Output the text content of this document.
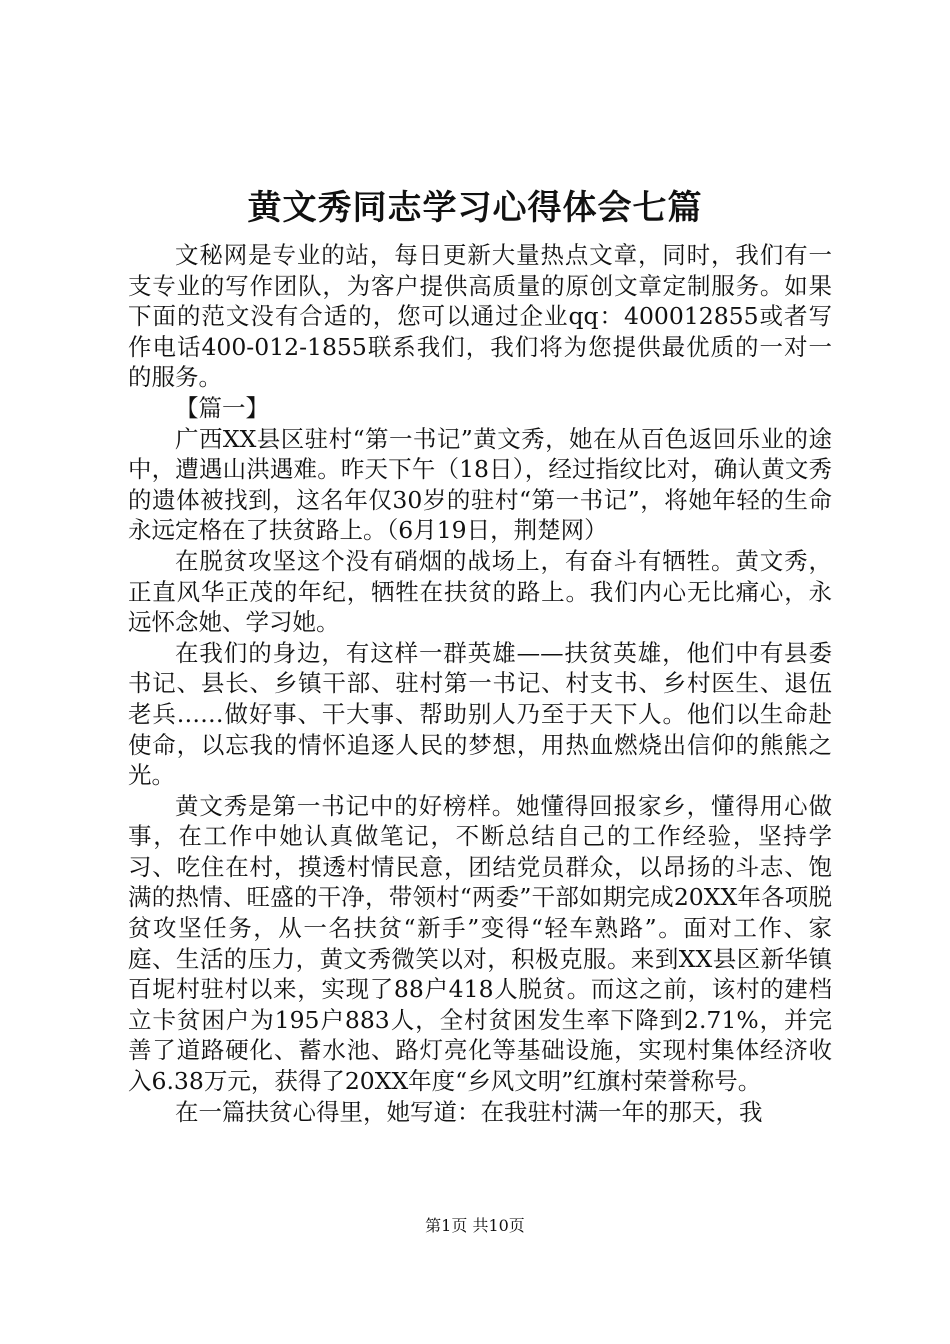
黄文秀同志学习心得体会七篇

文秘网是专业的站，每日更新大量热点文章，同时，我们有一支专业的写作团队，为客户提供高质量的原创文章定制服务。如果下面的范文没有合适的，您可以通过企业qq：400012855或者写作电话400-012-1855联系我们，我们将为您提供最优质的一对一的服务。

【篇一】

广西XX县区驻村“第一书记”黄文秀，她在从百色返回乐业的途中，遭遇山洪遇难。昨天下午（18日），经过指纹比对，确认黄文秀的遗体被找到，这名年仅30岁的驻村“第一书记”，将她年轻的生命永远定格在了扶贫路上。（6月19日，荆楚网）

在脱贫攻坚这个没有硝烟的战场上，有奋斗有牺牲。黄文秀，正直风华正茂的年纪，牺牲在扶贫的路上。我们内心无比痛心，永远怀念她、学习她。

在我们的身边，有这样一群英雄——扶贫英雄，他们中有县委书记、县长、乡镇干部、驻村第一书记、村支书、乡村医生、退伍老兵……做好事、干大事、帮助别人乃至于天下人。他们以生命赴使命，以忘我的情怀追逐人民的梦想，用热血燃烧出信仰的熊熊之光。

黄文秀是第一书记中的好榜样。她懂得回报家乡，懂得用心做事，在工作中她认真做笔记，不断总结自己的工作经验，坚持学习、吃住在村，摸透村情民意，团结党员群众，以昂扬的斗志、饱满的热情、旺盛的干净，带领村“两委”干部如期完成20XX年各项脱贫攻坚任务，从一名扶贫“新手”变得“轻车熟路”。面对工作、家庭、生活的压力，黄文秀微笑以对，积极克服。来到XX县区新华镇百坭村驻村以来，实现了88户418人脱贫。而这之前，该村的建档立卡贫困户为195户883人，全村贫困发生率下降到2.71%，并完善了道路硬化、蓄水池、路灯亮化等基础设施，实现村集体经济收入6.38万元，获得了20XX年度“乡风文明”红旗村荣誉称号。

在一篇扶贫心得里，她写道：在我驻村满一年的那天，我

第1页 共10页
